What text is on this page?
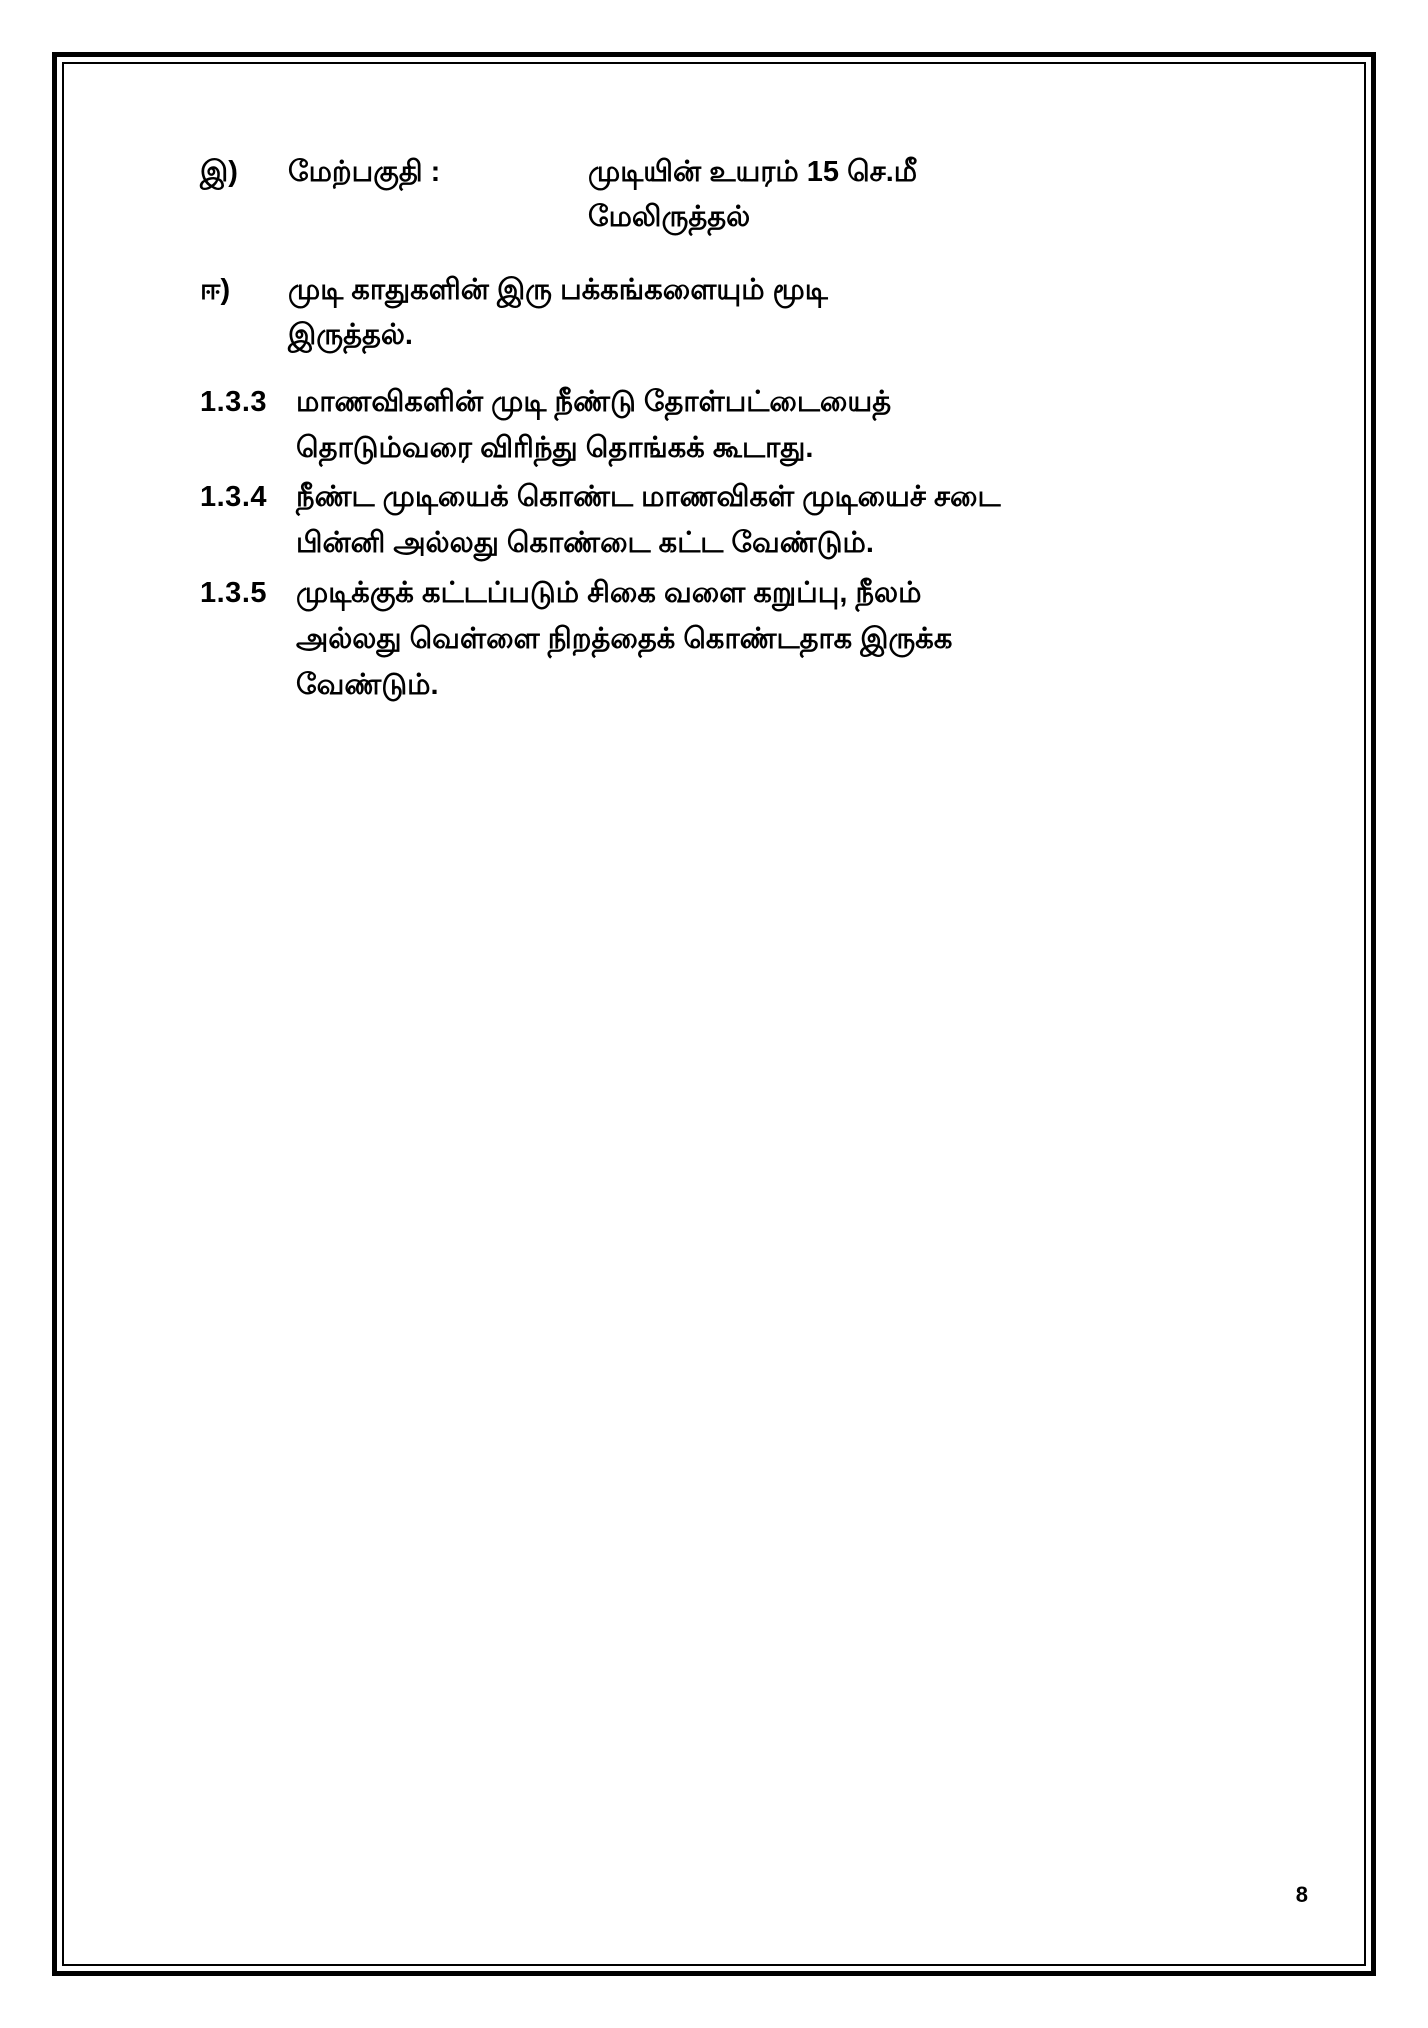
இ)	மேற்பகுதி :	முடியின் உயரம் 15 செ.மீ
மேலிருத்தல்
ஈ)	முடி காதுகளின் இரு பக்கங்களையும் மூடி
இருத்தல்.
1.3.3	மாணவிகளின் முடி நீண்டு தோள்பட்டையைத்
தொடும்வரை விரிந்து தொங்கக் கூடாது.
1.3.4	நீண்ட முடியைக் கொண்ட மாணவிகள் முடியைச் சடை
பின்னி அல்லது கொண்டை கட்ட வேண்டும்.
1.3.5	முடிக்குக் கட்டப்படும் சிகை வளை கறுப்பு, நீலம்
அல்லது வெள்ளை நிறத்தைக் கொண்டதாக இருக்க
வேண்டும்.
8
